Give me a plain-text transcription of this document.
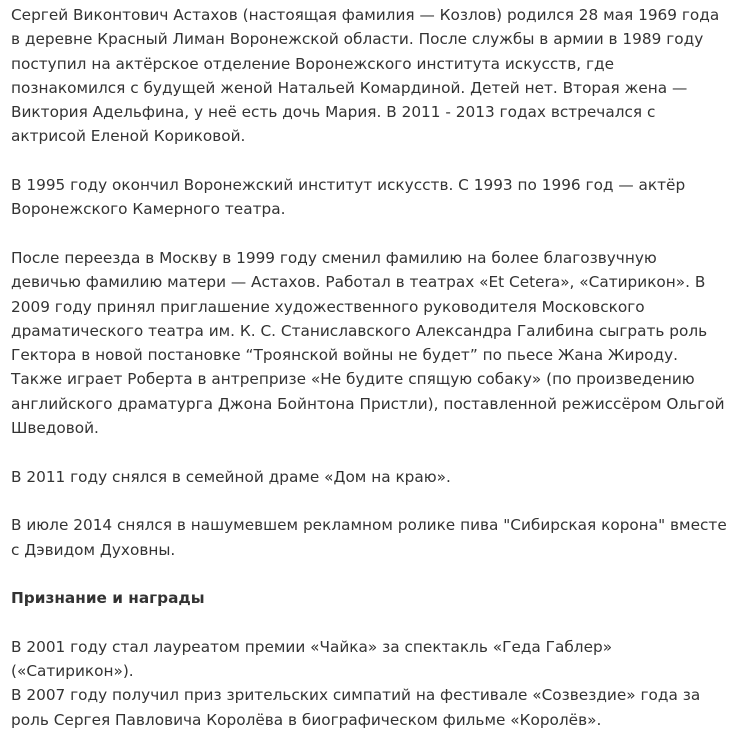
Сергей Виконтович Астахов (настоящая фамилия — Козлов) родился 28 мая 1969 года в деревне Красный Лиман Воронежской области. После службы в армии в 1989 году поступил на актёрское отделение Воронежского института искусств, где познакомился с будущей женой Натальей Комардиной. Детей нет. Вторая жена — Виктория Адельфина, у неё есть дочь Мария. В 2011 - 2013 годах встречался с актрисой Еленой Кориковой.

В 1995 году окончил Воронежский институт искусств. С 1993 по 1996 год — актёр Воронежского Камерного театра.

После переезда в Москву в 1999 году сменил фамилию на более благозвучную девичью фамилию матери — Астахов. Работал в театрах «Et Cetera», «Сатирикон». В 2009 году принял приглашение художественного руководителя Московского драматического театра им. К. С. Станиславского Александра Галибина сыграть роль Гектора в новой постановке “Троянской войны не будет” по пьесе Жана Жироду. Также играет Роберта в антрепризе «Не будите спящую собаку» (по произведению английского драматурга Джона Бойнтона Пристли), поставленной режиссёром Ольгой Шведовой.

В 2011 году снялся в семейной драме «Дом на краю».

В июле 2014 снялся в нашумевшем рекламном ролике пива "Сибирская корона" вместе с Дэвидом Духовны.

Признание и награды

В 2001 году стал лауреатом премии «Чайка» за спектакль «Геда Габлер» («Сатирикон»).

В 2007 году получил приз зрительских симпатий на фестивале «Созвездие» года за роль Сергея Павловича Королёва в биографическом фильме «Королёв».
